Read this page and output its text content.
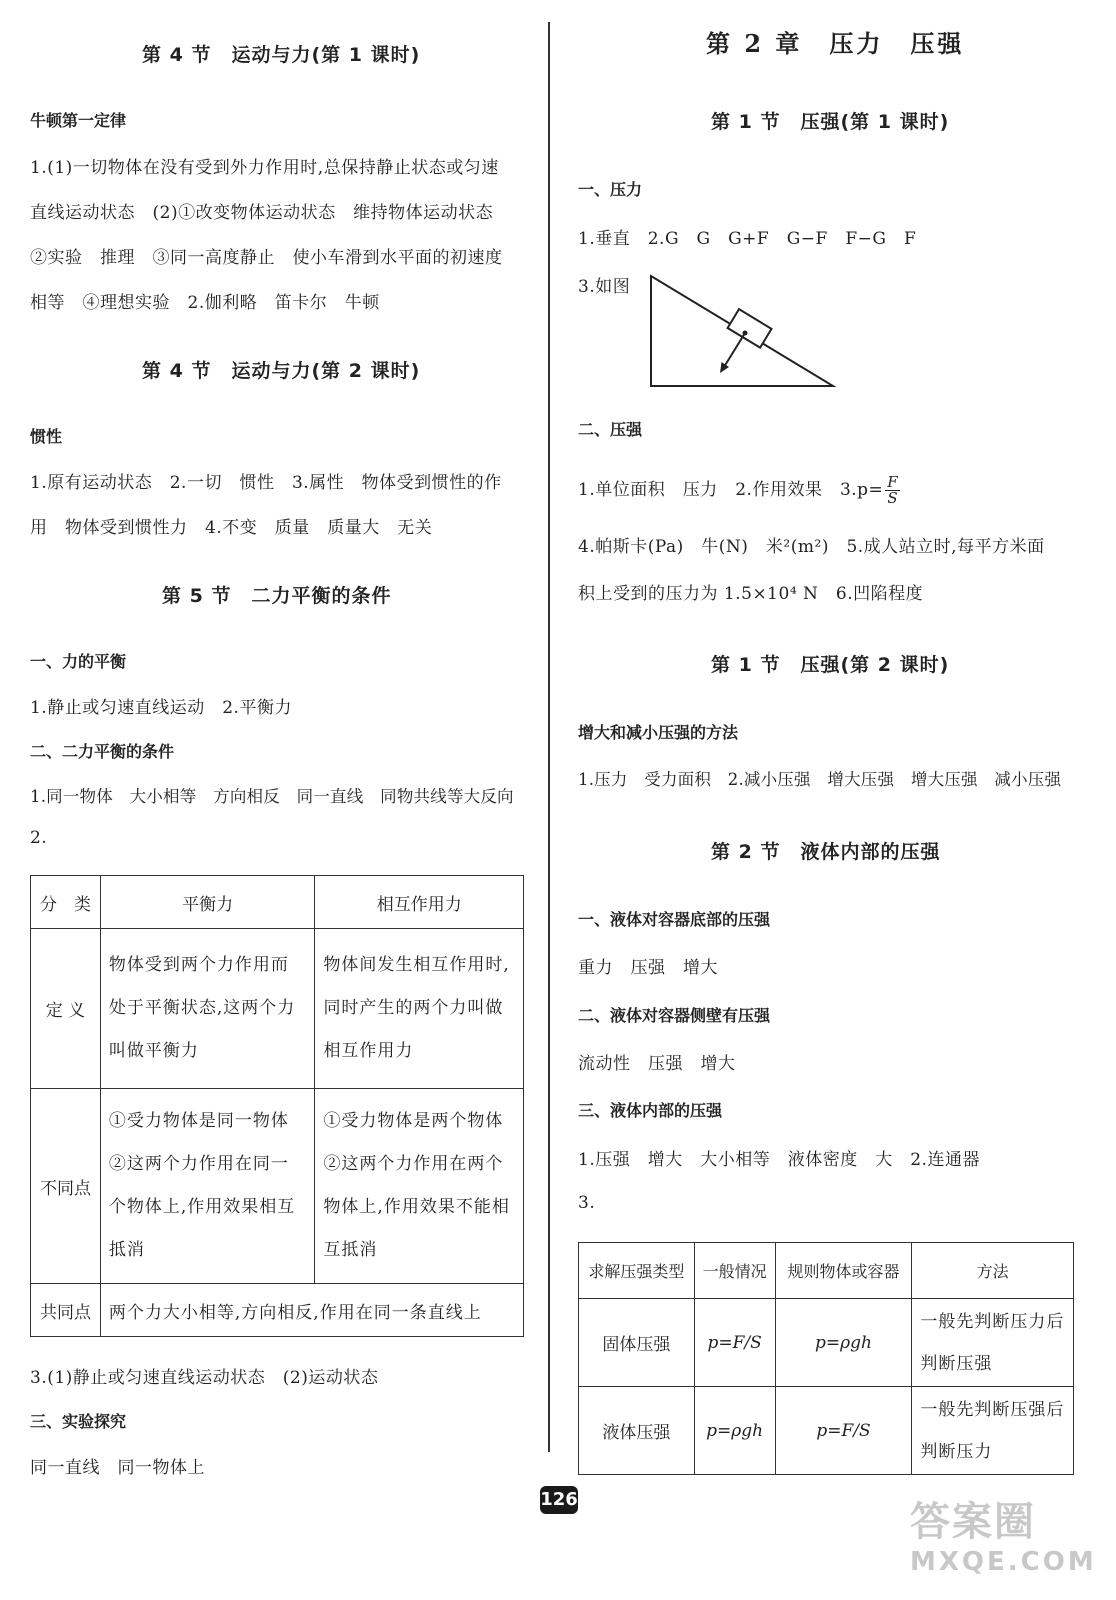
第 4 节　运动与力(第 1 课时)
牛顿第一定律
1.(1)一切物体在没有受到外力作用时,总保持静止状态或匀速
直线运动状态　(2)①改变物体运动状态　维持物体运动状态
②实验　推理　③同一高度静止　使小车滑到水平面的初速度
相等　④理想实验　2.伽利略　笛卡尔　牛顿
第 4 节　运动与力(第 2 课时)
惯性
1.原有运动状态　2.一切　惯性　3.属性　物体受到惯性的作
用　物体受到惯性力　4.不变　质量　质量大　无关
第 5 节　二力平衡的条件
一、力的平衡
1.静止或匀速直线运动　2.平衡力
二、二力平衡的条件
1.同一物体　大小相等　方向相反　同一直线　同物共线等大反向
2.
分　类	平衡力	相互作用力
定 义	物体受到两个力作用而处于平衡状态,这两个力叫做平衡力	物体间发生相互作用时,同时产生的两个力叫做相互作用力
不同点	①受力物体是同一物体 ②这两个力作用在同一个物体上,作用效果相互抵消	①受力物体是两个物体 ②这两个力作用在两个物体上,作用效果不能相互抵消
共同点	两个力大小相等,方向相反,作用在同一条直线上	
3.(1)静止或匀速直线运动状态　(2)运动状态
三、实验探究
同一直线　同一物体上
第 2 章　压力　压强
第 1 节　压强(第 1 课时)
一、压力
1.垂直　2.G　G　G+F　G−F　F−G　F
3.如图
二、压强
1.单位面积　压力　2.作用效果　$3.p= \frac{F}{S}$
4.帕斯卡(Pa)　牛(N)　米²(m²)　5.成人站立时,每平方米面
积上受到的压力为 1.5×10⁴ N　6.凹陷程度
第 1 节　压强(第 2 课时)
增大和减小压强的方法
1.压力　受力面积　2.减小压强　增大压强　增大压强　减小压强
第 2 节　液体内部的压强
一、液体对容器底部的压强
重力　压强　增大
二、液体对容器侧壁有压强
流动性　压强　增大
三、液体内部的压强
1.压强　增大　大小相等　液体密度　大　2.连通器
3.
求解压强类型	一般情况	规则物体或容器	方法
固体压强	p=F/S	p=ρgh	一般先判断压力后判断压强
液体压强	p=ρgh	p=F/S	一般先判断压强后判断压力
126	答案圈
MXQE.COM
